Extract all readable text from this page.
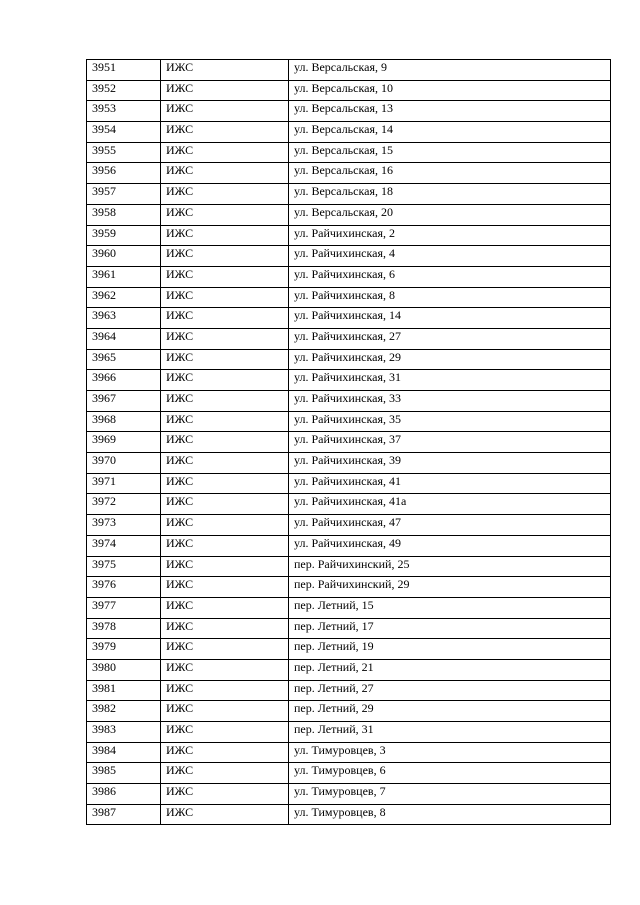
3951	ИЖС	ул. Версальская, 9
3952	ИЖС	ул. Версальская, 10
3953	ИЖС	ул. Версальская, 13
3954	ИЖС	ул. Версальская, 14
3955	ИЖС	ул. Версальская, 15
3956	ИЖС	ул. Версальская, 16
3957	ИЖС	ул. Версальская, 18
3958	ИЖС	ул. Версальская, 20
3959	ИЖС	ул. Райчихинская, 2
3960	ИЖС	ул. Райчихинская, 4
3961	ИЖС	ул. Райчихинская, 6
3962	ИЖС	ул. Райчихинская, 8
3963	ИЖС	ул. Райчихинская, 14
3964	ИЖС	ул. Райчихинская, 27
3965	ИЖС	ул. Райчихинская, 29
3966	ИЖС	ул. Райчихинская, 31
3967	ИЖС	ул. Райчихинская, 33
3968	ИЖС	ул. Райчихинская, 35
3969	ИЖС	ул. Райчихинская, 37
3970	ИЖС	ул. Райчихинская, 39
3971	ИЖС	ул. Райчихинская, 41
3972	ИЖС	ул. Райчихинская, 41а
3973	ИЖС	ул. Райчихинская, 47
3974	ИЖС	ул. Райчихинская, 49
3975	ИЖС	пер. Райчихинский, 25
3976	ИЖС	пер. Райчихинский, 29
3977	ИЖС	пер. Летний, 15
3978	ИЖС	пер. Летний, 17
3979	ИЖС	пер. Летний, 19
3980	ИЖС	пер. Летний, 21
3981	ИЖС	пер. Летний, 27
3982	ИЖС	пер. Летний, 29
3983	ИЖС	пер. Летний, 31
3984	ИЖС	ул. Тимуровцев, 3
3985	ИЖС	ул. Тимуровцев, 6
3986	ИЖС	ул. Тимуровцев, 7
3987	ИЖС	ул. Тимуровцев, 8
